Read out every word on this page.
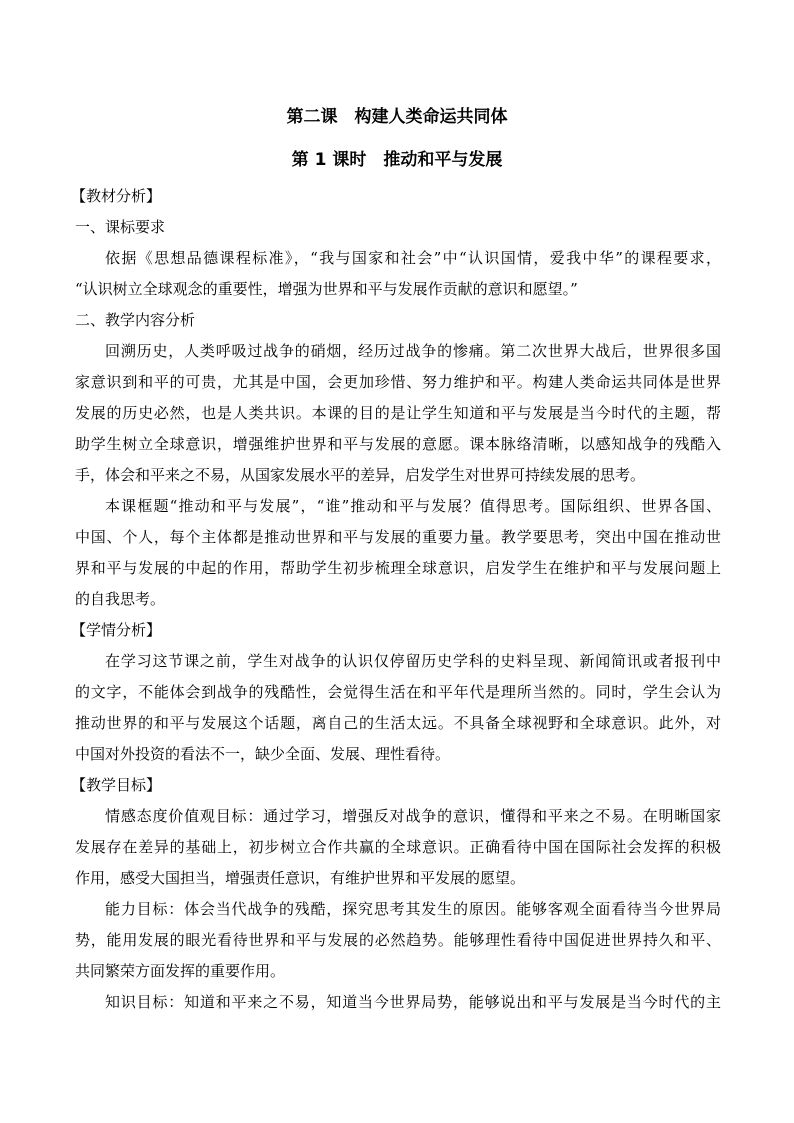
第二课　构建人类命运共同体
第 1 课时　推动和平与发展
【教材分析】
一、课标要求
依据《思想品德课程标准》，“我与国家和社会”中“认识国情，爱我中华”的课程要求，
“认识树立全球观念的重要性，增强为世界和平与发展作贡献的意识和愿望。”
二、教学内容分析
回溯历史，人类呼吸过战争的硝烟，经历过战争的惨痛。第二次世界大战后，世界很多国
家意识到和平的可贵，尤其是中国，会更加珍惜、努力维护和平。构建人类命运共同体是世界
发展的历史必然，也是人类共识。本课的目的是让学生知道和平与发展是当今时代的主题，帮
助学生树立全球意识，增强维护世界和平与发展的意愿。课本脉络清晰，以感知战争的残酷入
手，体会和平来之不易，从国家发展水平的差异，启发学生对世界可持续发展的思考。
本课框题“推动和平与发展”，“谁”推动和平与发展？值得思考。国际组织、世界各国、
中国、个人，每个主体都是推动世界和平与发展的重要力量。教学要思考，突出中国在推动世
界和平与发展的中起的作用，帮助学生初步梳理全球意识，启发学生在维护和平与发展问题上
的自我思考。
【学情分析】
在学习这节课之前，学生对战争的认识仅停留历史学科的史料呈现、新闻简讯或者报刊中
的文字，不能体会到战争的残酷性，会觉得生活在和平年代是理所当然的。同时，学生会认为
推动世界的和平与发展这个话题，离自己的生活太远。不具备全球视野和全球意识。此外，对
中国对外投资的看法不一，缺少全面、发展、理性看待。
【教学目标】
情感态度价值观目标：通过学习，增强反对战争的意识，懂得和平来之不易。在明晰国家
发展存在差异的基础上，初步树立合作共赢的全球意识。正确看待中国在国际社会发挥的积极
作用，感受大国担当，增强责任意识，有维护世界和平发展的愿望。
能力目标：体会当代战争的残酷，探究思考其发生的原因。能够客观全面看待当今世界局
势，能用发展的眼光看待世界和平与发展的必然趋势。能够理性看待中国促进世界持久和平、
共同繁荣方面发挥的重要作用。
知识目标：知道和平来之不易，知道当今世界局势，能够说出和平与发展是当今时代的主
